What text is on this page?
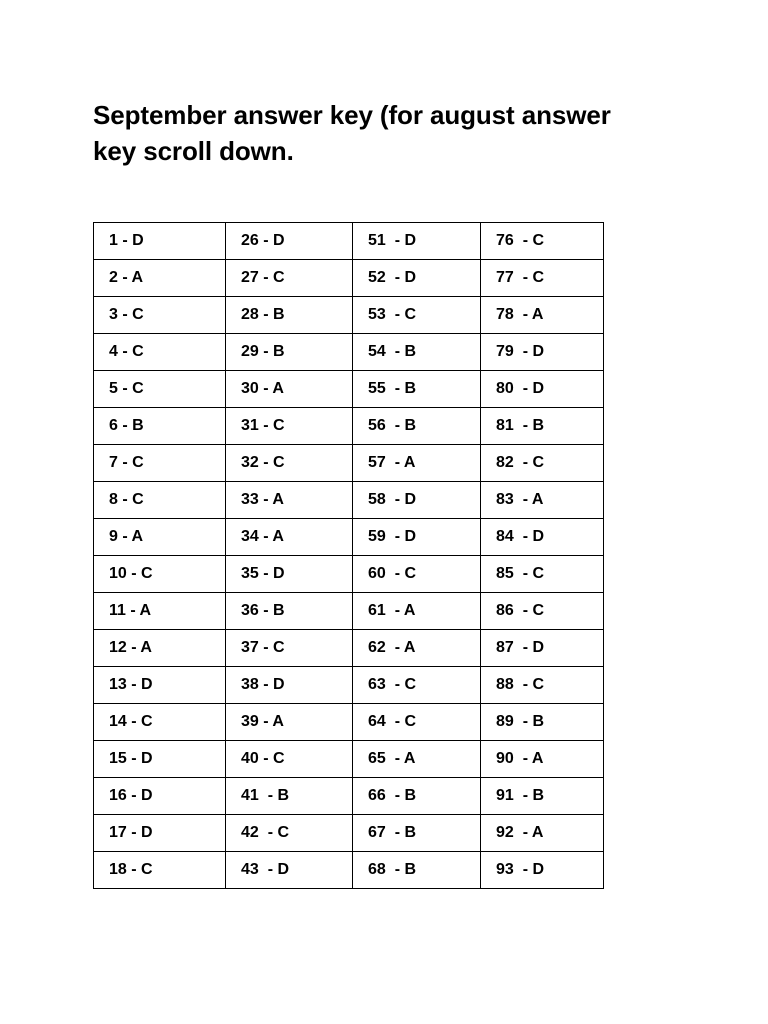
September answer key (for august answer key scroll down.
1 - D	26 - D	51  - D	76  - C
2 - A	27 - C	52  - D	77  - C
3 - C	28 - B	53  - C	78  - A
4 - C	29 - B	54  - B	79  - D
5 - C	30 - A	55  - B	80  - D
6 - B	31 - C	56  - B	81  - B
7 - C	32 - C	57  - A	82  - C
8 - C	33 - A	58  - D	83  - A
9 - A	34 - A	59  - D	84  - D
10 - C	35 - D	60  - C	85  - C
11 - A	36 - B	61  - A	86  - C
12 - A	37 - C	62  - A	87  - D
13 - D	38 - D	63  - C	88  - C
14 - C	39 - A	64  - C	89  - B
15 - D	40 - C	65  - A	90  - A
16 - D	41  - B	66  - B	91  - B
17 - D	42  - C	67  - B	92  - A
18 - C	43  - D	68  - B	93  - D
